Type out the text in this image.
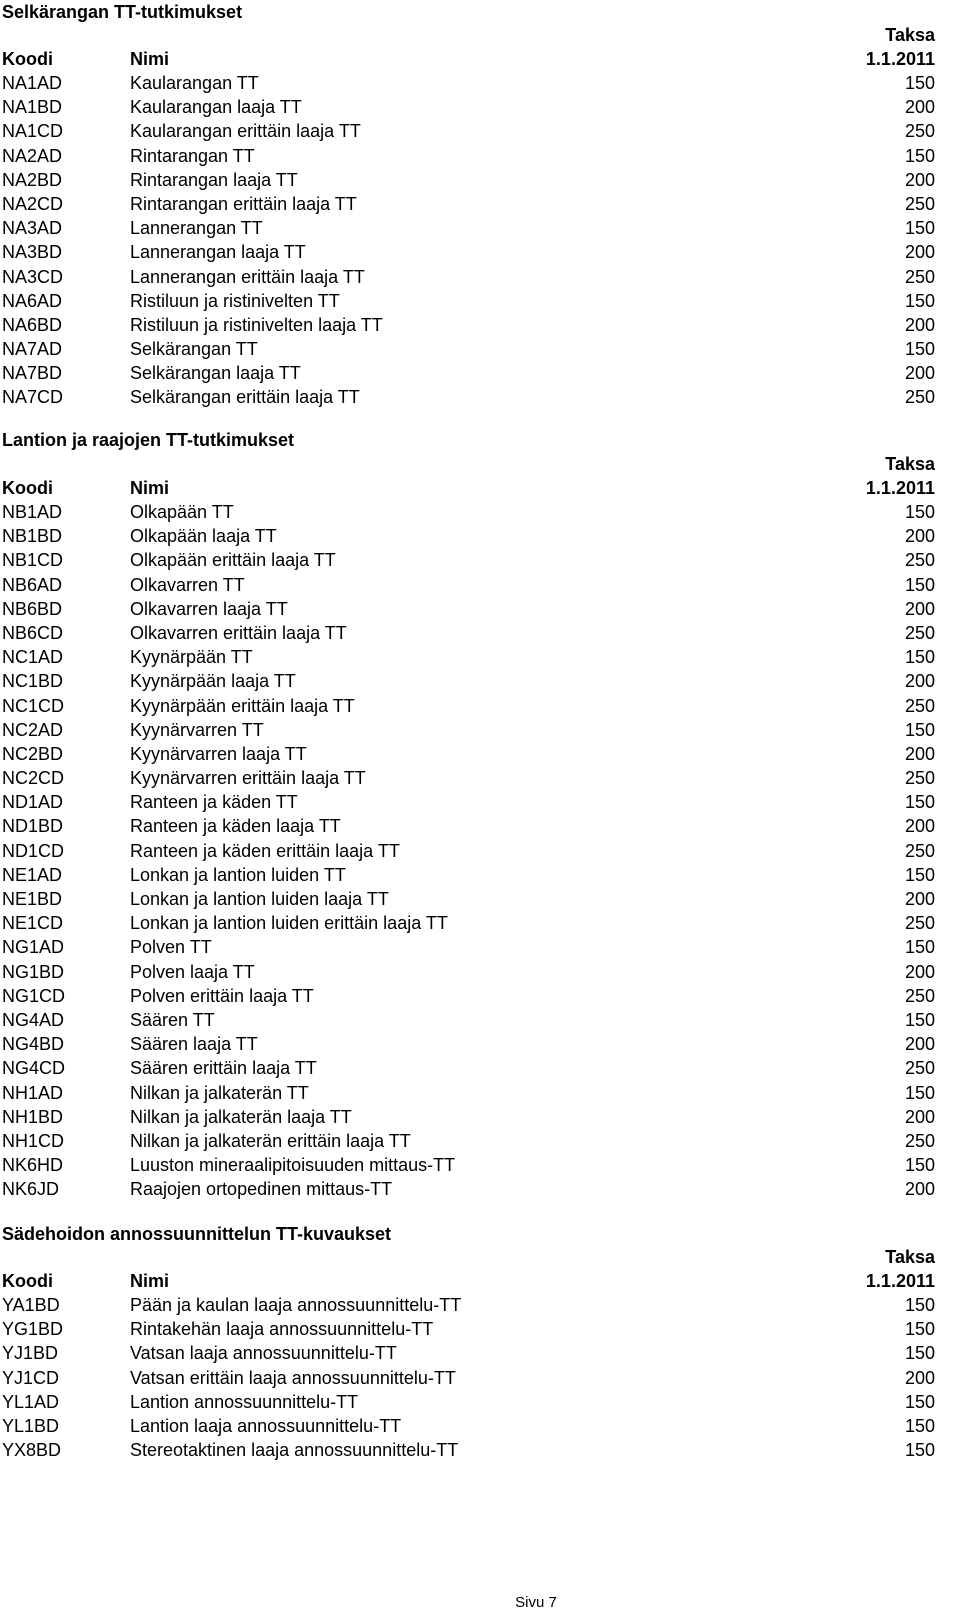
Selkärangan TT-tutkimukset
Taksa
Koodi	Nimi	1.1.2011
NA1AD	Kaularangan TT	150
NA1BD	Kaularangan laaja TT	200
NA1CD	Kaularangan erittäin laaja TT	250
NA2AD	Rintarangan TT	150
NA2BD	Rintarangan laaja TT	200
NA2CD	Rintarangan erittäin laaja TT	250
NA3AD	Lannerangan TT	150
NA3BD	Lannerangan laaja TT	200
NA3CD	Lannerangan erittäin laaja TT	250
NA6AD	Ristiluun ja ristinivelten TT	150
NA6BD	Ristiluun ja ristinivelten laaja TT	200
NA7AD	Selkärangan TT	150
NA7BD	Selkärangan laaja TT	200
NA7CD	Selkärangan erittäin laaja TT	250
Lantion ja raajojen TT-tutkimukset
Taksa
Koodi	Nimi	1.1.2011
NB1AD	Olkapään TT	150
NB1BD	Olkapään laaja TT	200
NB1CD	Olkapään erittäin laaja TT	250
NB6AD	Olkavarren TT	150
NB6BD	Olkavarren laaja TT	200
NB6CD	Olkavarren erittäin laaja TT	250
NC1AD	Kyynärpään TT	150
NC1BD	Kyynärpään laaja TT	200
NC1CD	Kyynärpään erittäin laaja TT	250
NC2AD	Kyynärvarren TT	150
NC2BD	Kyynärvarren laaja TT	200
NC2CD	Kyynärvarren erittäin laaja TT	250
ND1AD	Ranteen ja käden TT	150
ND1BD	Ranteen ja käden laaja TT	200
ND1CD	Ranteen ja käden erittäin laaja TT	250
NE1AD	Lonkan ja lantion luiden TT	150
NE1BD	Lonkan ja lantion luiden laaja TT	200
NE1CD	Lonkan ja lantion luiden erittäin laaja TT	250
NG1AD	Polven TT	150
NG1BD	Polven laaja TT	200
NG1CD	Polven erittäin laaja TT	250
NG4AD	Säären TT	150
NG4BD	Säären laaja TT	200
NG4CD	Säären erittäin laaja TT	250
NH1AD	Nilkan ja jalkaterän TT	150
NH1BD	Nilkan ja jalkaterän laaja TT	200
NH1CD	Nilkan ja jalkaterän erittäin laaja TT	250
NK6HD	Luuston mineraalipitoisuuden mittaus-TT	150
NK6JD	Raajojen ortopedinen mittaus-TT	200
Sädehoidon annossuunnittelun TT-kuvaukset
Taksa
Koodi	Nimi	1.1.2011
YA1BD	Pään ja kaulan laaja annossuunnittelu-TT	150
YG1BD	Rintakehän laaja annossuunnittelu-TT	150
YJ1BD	Vatsan laaja annossuunnittelu-TT	150
YJ1CD	Vatsan erittäin laaja annossuunnittelu-TT	200
YL1AD	Lantion annossuunnittelu-TT	150
YL1BD	Lantion laaja annossuunnittelu-TT	150
YX8BD	Stereotaktinen laaja annossuunnittelu-TT	150
Sivu 7
